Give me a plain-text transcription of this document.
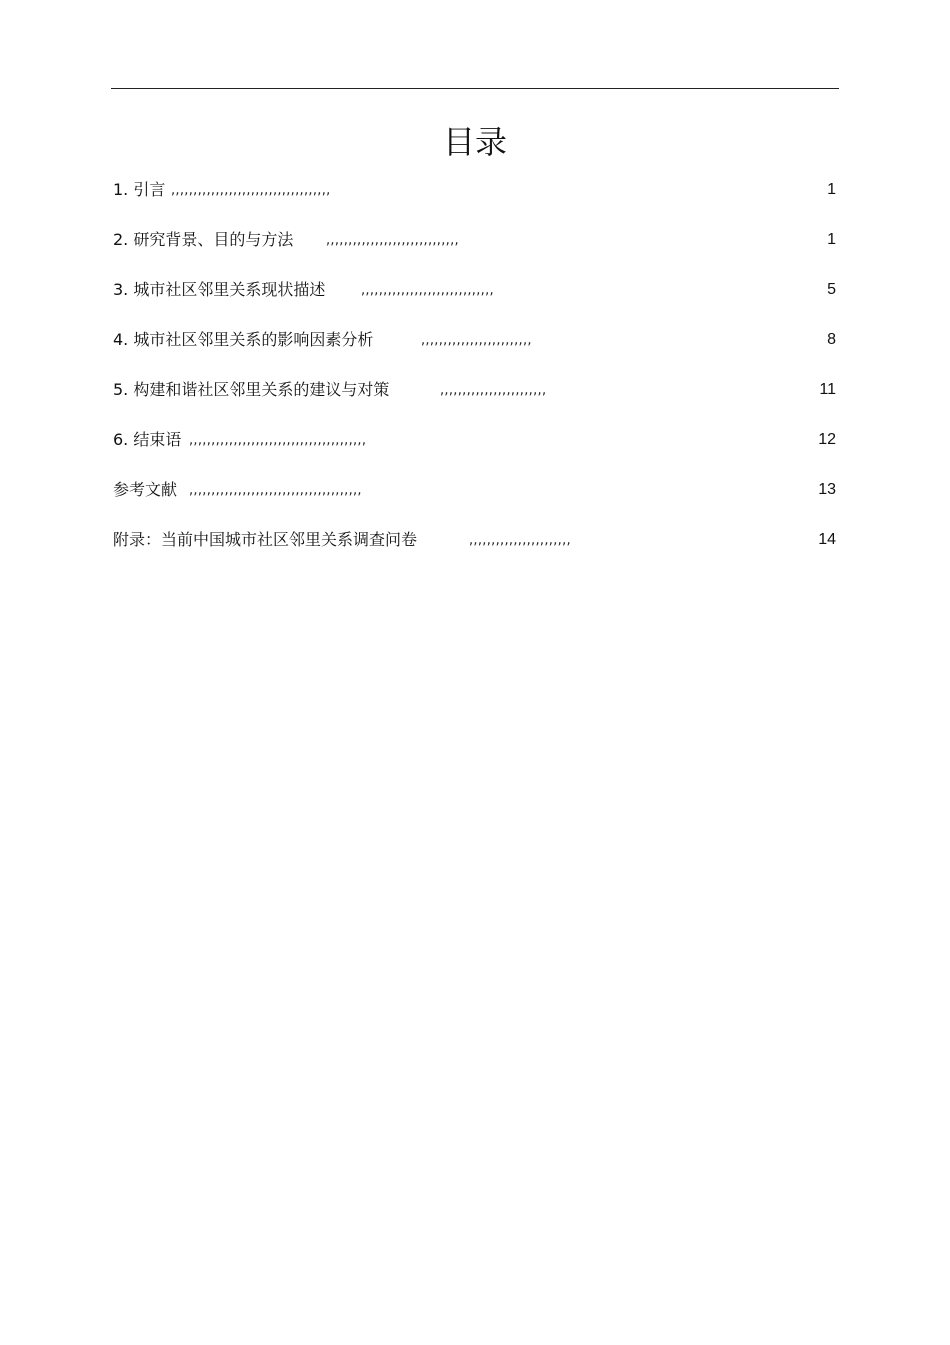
目录
1. 引言 ,,,,,,,,,,,,,,,,,,,,,,,,,,,,,,,,,,,,	1
2. 研究背景、目的与方法	,,,,,,,,,,,,,,,,,,,,,,,,,,,,,,	1
3. 城市社区邻里关系现状描述	,,,,,,,,,,,,,,,,,,,,,,,,,,,,,,	5
4. 城市社区邻里关系的影响因素分析	,,,,,,,,,,,,,,,,,,,,,,,,,	8
5. 构建和谐社区邻里关系的建议与对策	,,,,,,,,,,,,,,,,,,,,,,,,	11
6. 结束语 ,,,,,,,,,,,,,,,,,,,,,,,,,,,,,,,,,,,,,,,,	12
参考文献 ,,,,,,,,,,,,,,,,,,,,,,,,,,,,,,,,,,,,,,,	13
附录：当前中国城市社区邻里关系调查问卷	,,,,,,,,,,,,,,,,,,,,,,,	14
